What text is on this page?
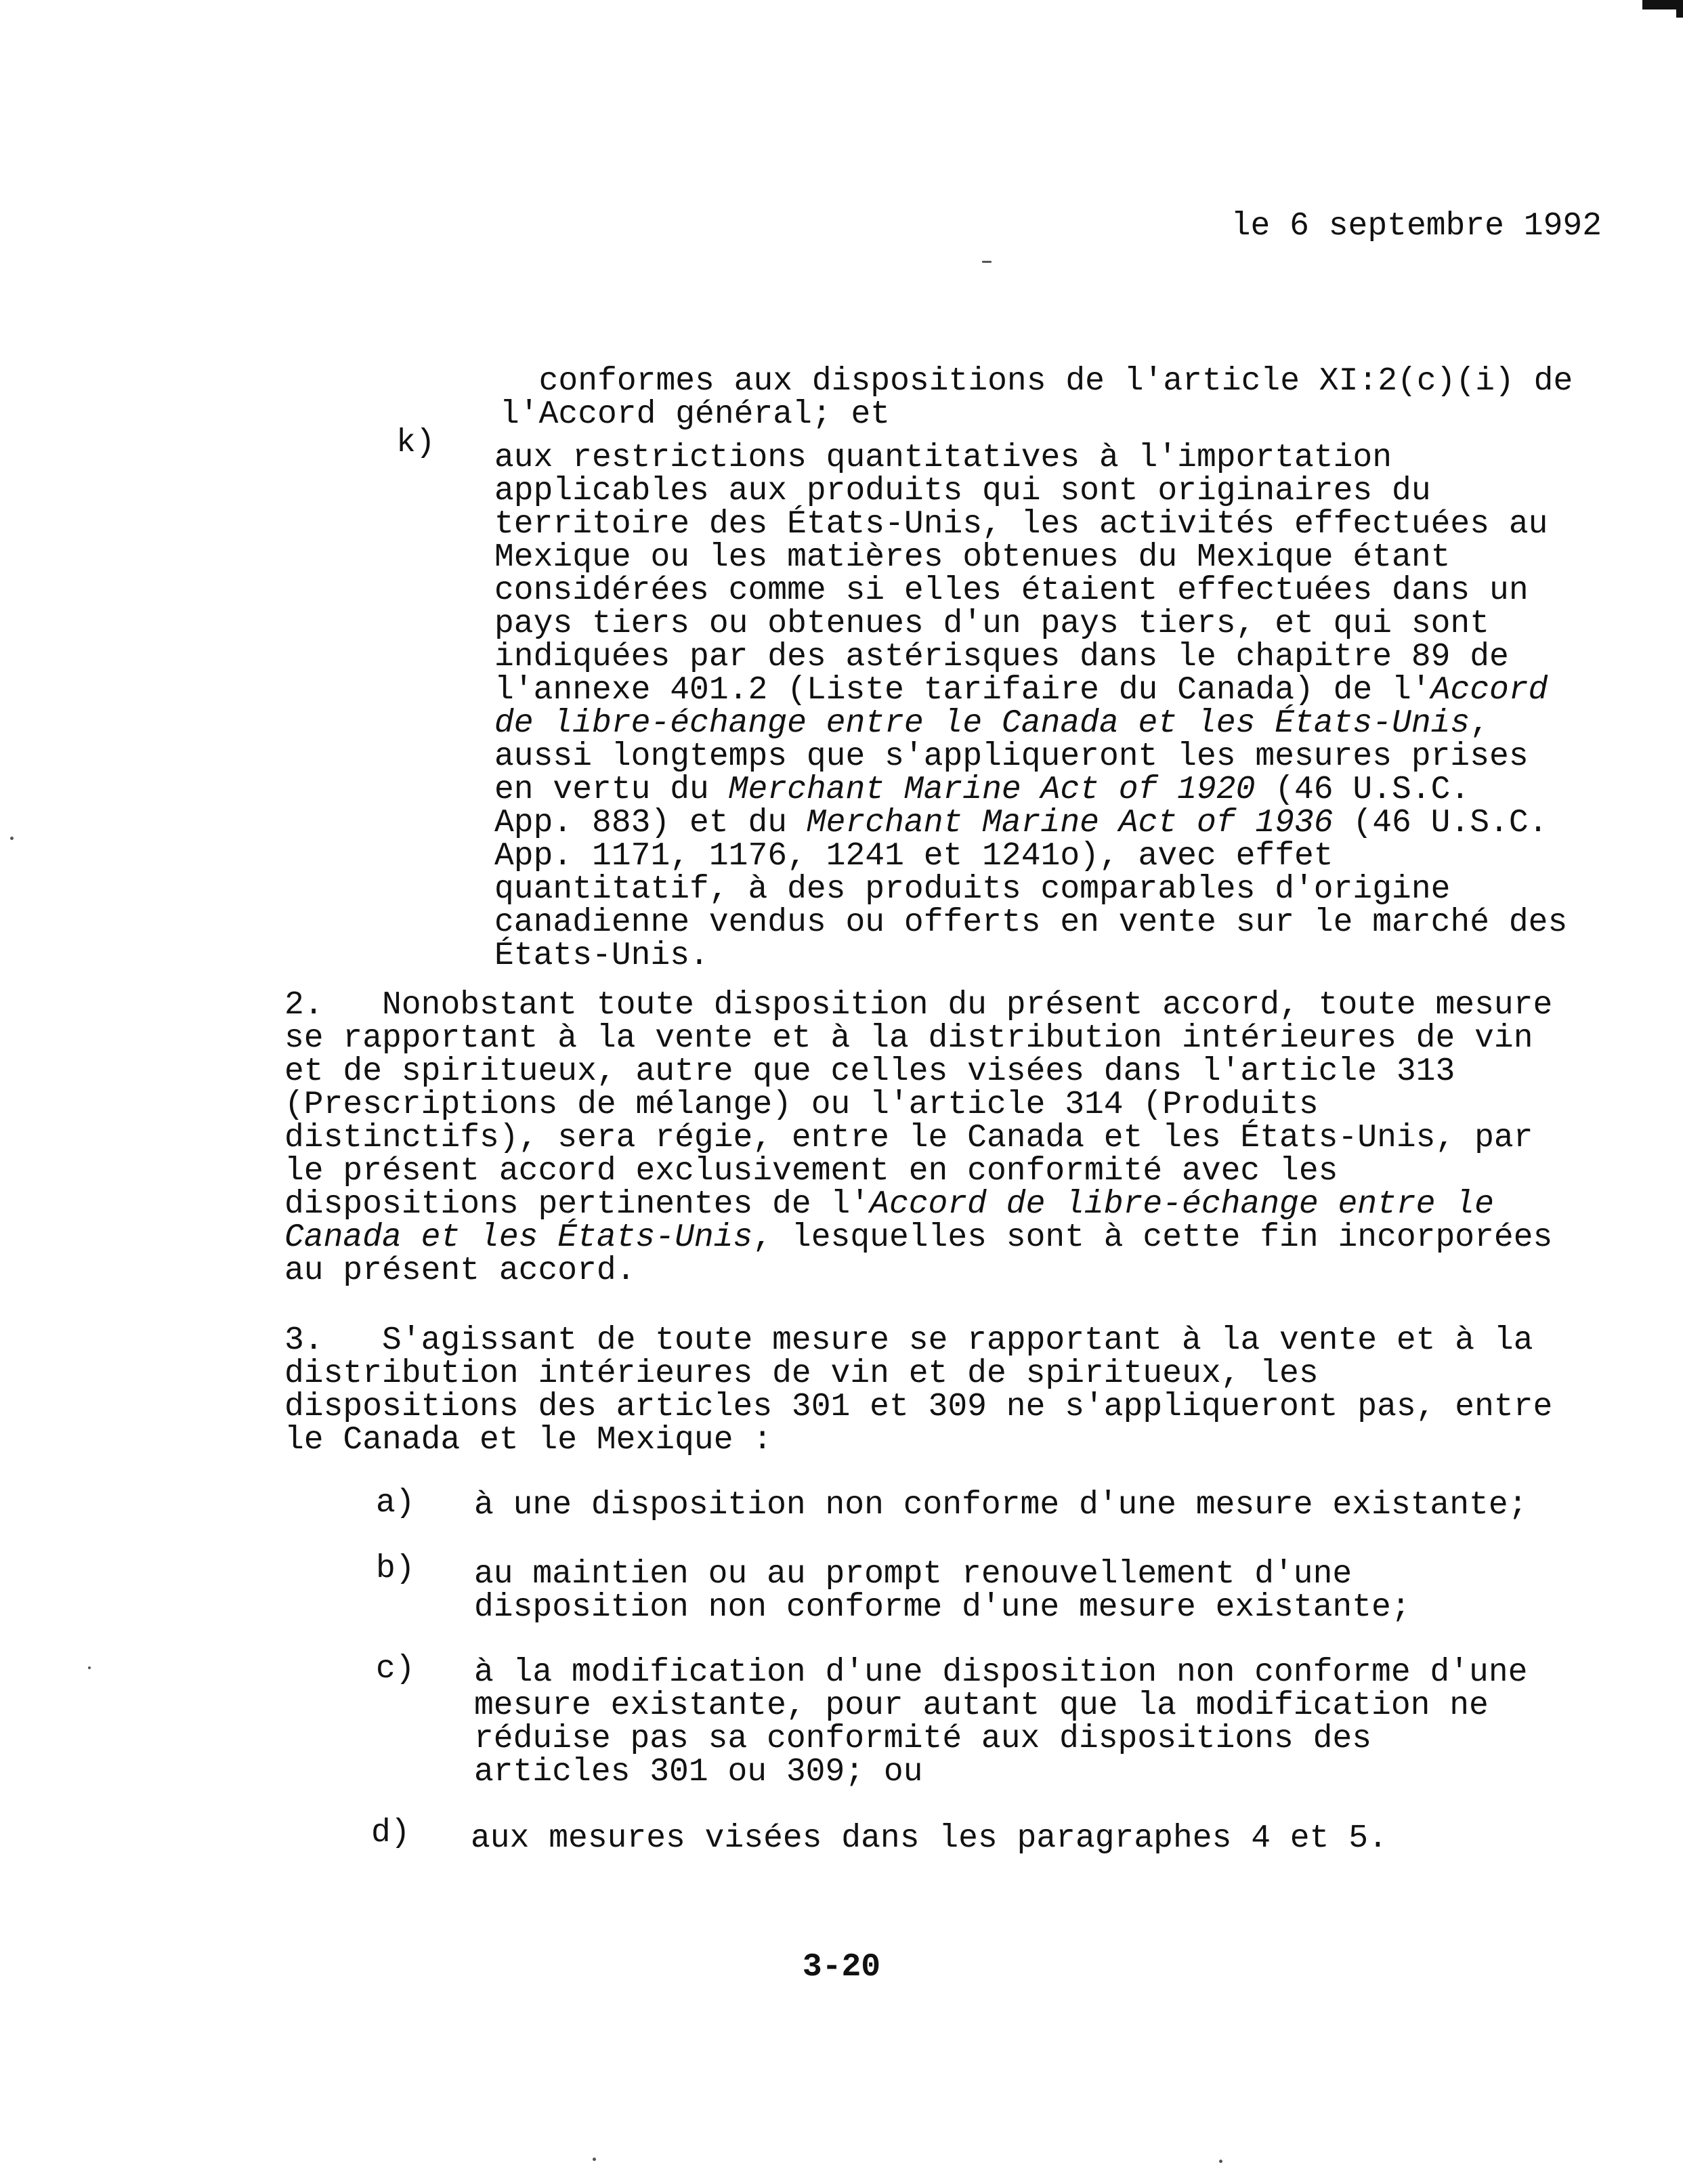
le 6 septembre 1992

conformes aux dispositions de l'article XI:2(c)(i) de
l'Accord général; et

k) aux restrictions quantitatives à l'importation
applicables aux produits qui sont originaires du
territoire des États-Unis, les activités effectuées au
Mexique ou les matières obtenues du Mexique étant
considérées comme si elles étaient effectuées dans un
pays tiers ou obtenues d'un pays tiers, et qui sont
indiquées par des astérisques dans le chapitre 89 de
l'annexe 401.2 (Liste tarifaire du Canada) de l'Accord
de libre-échange entre le Canada et les États-Unis,
aussi longtemps que s'appliqueront les mesures prises
en vertu du Merchant Marine Act of 1920 (46 U.S.C.
App. 883) et du Merchant Marine Act of 1936 (46 U.S.C.
App. 1171, 1176, 1241 et 1241o), avec effet
quantitatif, à des produits comparables d'origine
canadienne vendus ou offerts en vente sur le marché des
États-Unis.
2.	Nonobstant toute disposition du présent accord, toute mesure
se rapportant à la vente et à la distribution intérieures de vin
et de spiritueux, autre que celles visées dans l'article 313
(Prescriptions de mélange) ou l'article 314 (Produits
distinctifs), sera régie, entre le Canada et les États-Unis, par
le présent accord exclusivement en conformité avec les
dispositions pertinentes de l'Accord de libre-échange entre le
Canada et les États-Unis, lesquelles sont à cette fin incorporées
au présent accord.
3.	S'agissant de toute mesure se rapportant à la vente et à la
distribution intérieures de vin et de spiritueux, les
dispositions des articles 301 et 309 ne s'appliqueront pas, entre
le Canada et le Mexique :
a) à une disposition non conforme d'une mesure existante;
b) au maintien ou au prompt renouvellement d'une
disposition non conforme d'une mesure existante;
c) à la modification d'une disposition non conforme d'une
mesure existante, pour autant que la modification ne
réduise pas sa conformité aux dispositions des
articles 301 ou 309; ou
d) aux mesures visées dans les paragraphes 4 et 5.
3-20
